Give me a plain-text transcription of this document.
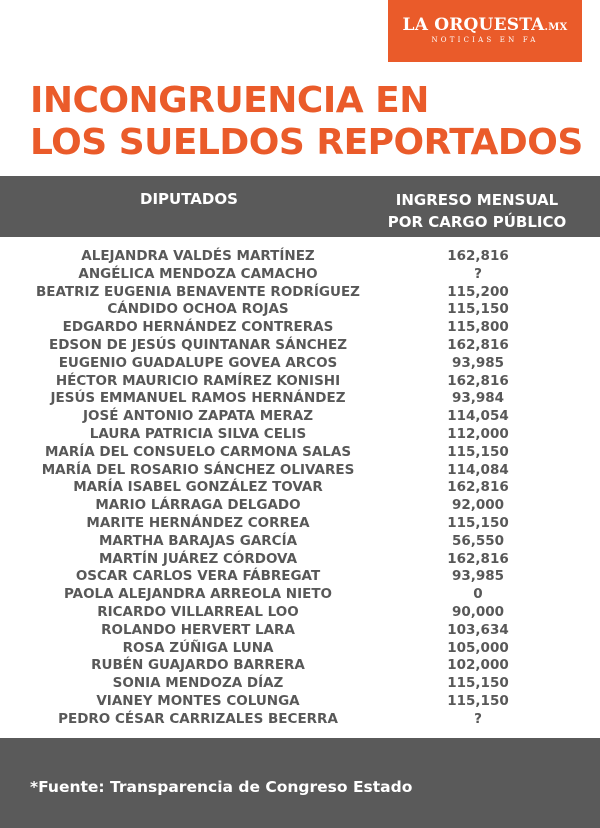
LA ORQUESTA.MX
NOTICIAS EN FA
INCONGRUENCIA EN
LOS SUELDOS REPORTADOS
DIPUTADOS	INGRESO MENSUAL
POR CARGO PÚBLICO
ALEJANDRA VALDÉS MARTÍNEZ	162,816
ANGÉLICA MENDOZA CAMACHO	?
BEATRIZ EUGENIA BENAVENTE RODRÍGUEZ	115,200
CÁNDIDO OCHOA ROJAS	115,150
EDGARDO HERNÁNDEZ CONTRERAS	115,800
EDSON DE JESÚS QUINTANAR SÁNCHEZ	162,816
EUGENIO GUADALUPE GOVEA ARCOS	93,985
HÉCTOR MAURICIO RAMÍREZ KONISHI	162,816
JESÚS EMMANUEL RAMOS HERNÁNDEZ	93,984
JOSÉ ANTONIO ZAPATA MERAZ	114,054
LAURA PATRICIA SILVA CELIS	112,000
MARÍA DEL CONSUELO CARMONA SALAS	115,150
MARÍA DEL ROSARIO SÁNCHEZ OLIVARES	114,084
MARÍA ISABEL GONZÁLEZ TOVAR	162,816
MARIO LÁRRAGA DELGADO	92,000
MARITE HERNÁNDEZ CORREA	115,150
MARTHA BARAJAS GARCÍA	56,550
MARTÍN JUÁREZ CÓRDOVA	162,816
OSCAR CARLOS VERA FÁBREGAT	93,985
PAOLA ALEJANDRA ARREOLA NIETO	0
RICARDO VILLARREAL LOO	90,000
ROLANDO HERVERT LARA	103,634
ROSA ZÚÑIGA LUNA	105,000
RUBÉN GUAJARDO BARRERA	102,000
SONIA MENDOZA DÍAZ	115,150
VIANEY MONTES COLUNGA	115,150
PEDRO CÉSAR CARRIZALES BECERRA	?
*Fuente: Transparencia de Congreso Estado
